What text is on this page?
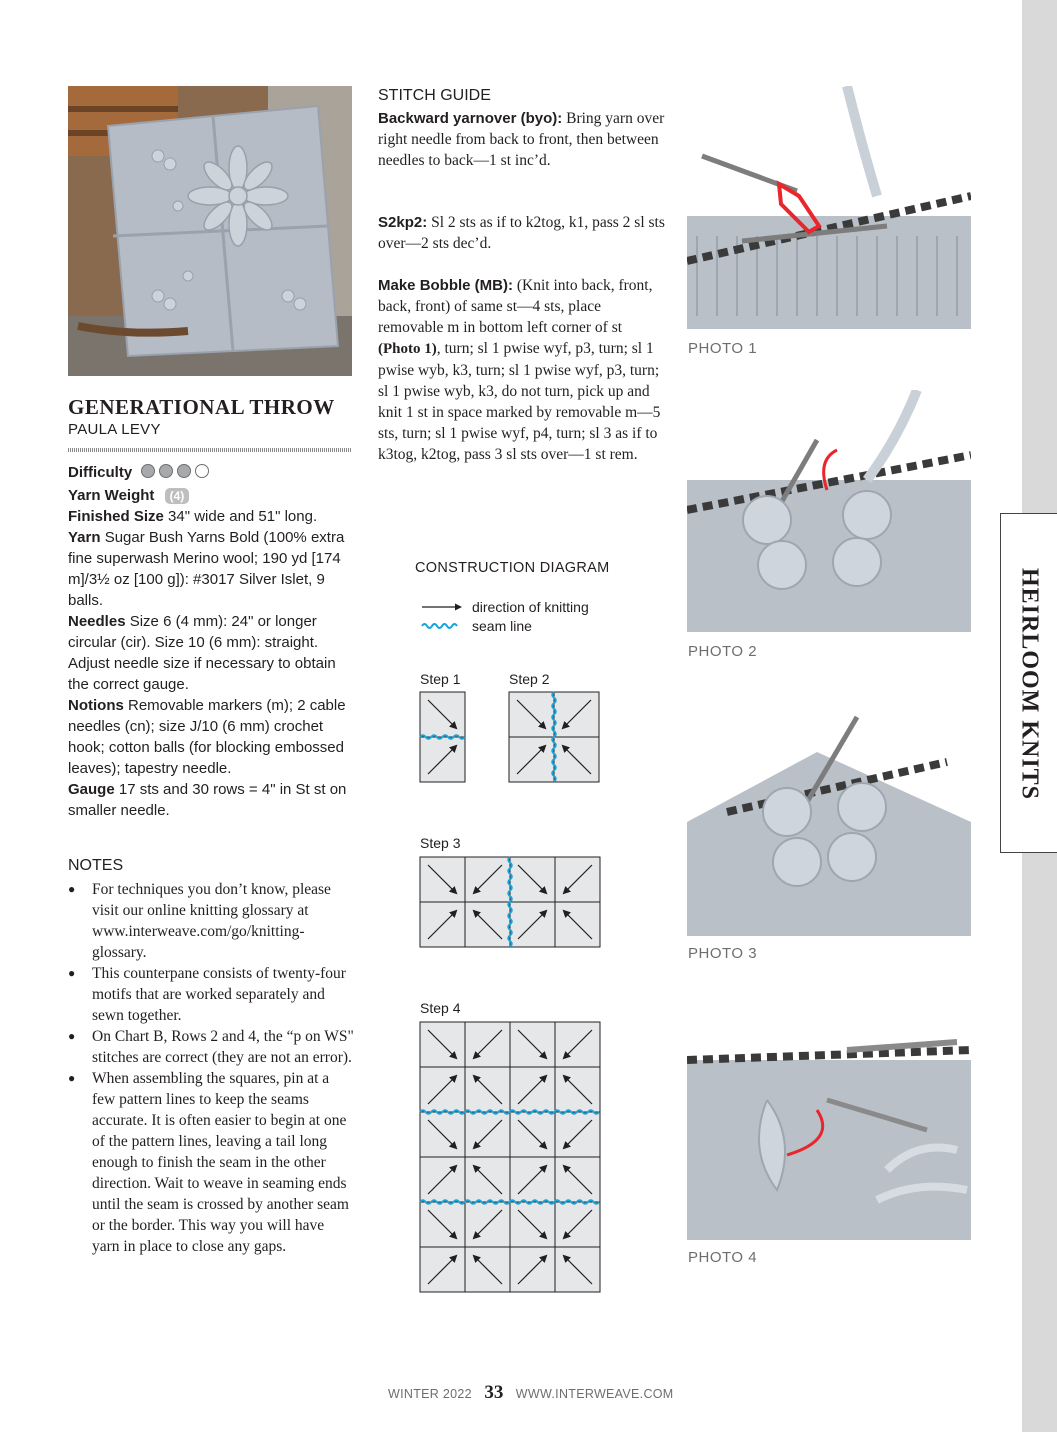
HEIRLOOM KNITS
GENERATIONAL THROW
PAULA LEVY
Difficulty
Yarn Weight (4)
Finished Size 34" wide and 51" long.
Yarn Sugar Bush Yarns Bold (100% extra fine superwash Merino wool; 190 yd [174 m]/3½ oz [100 g]): #3017 Silver Islet, 9 balls.
Needles Size 6 (4 mm): 24" or longer circular (cir). Size 10 (6 mm): straight. Adjust needle size if necessary to obtain the correct gauge.
Notions Removable markers (m); 2 cable needles (cn); size J/10 (6 mm) crochet hook; cotton balls (for blocking embossed leaves); tapestry needle.
Gauge 17 sts and 30 rows = 4" in St st on smaller needle.
NOTES
● For techniques you don’t know, please visit our online knitting glossary at www.interweave.com/go/knitting-glossary.
● This counterpane consists of twenty-four motifs that are worked separately and sewn together.
● On Chart B, Rows 2 and 4, the “p on WS" stitches are correct (they are not an error).
● When assembling the squares, pin at a few pattern lines to keep the seams accurate. It is often easier to begin at one of the pattern lines, leaving a tail long enough to finish the seam in the other direction. Wait to weave in seaming ends until the seam is crossed by another seam or the border. This way you will have yarn in place to close any gaps.
STITCH GUIDE
Backward yarnover (byo): Bring yarn over right needle from back to front, then between needles to back—1 st inc’d.
S2kp2: Sl 2 sts as if to k2tog, k1, pass 2 sl sts over—2 sts dec’d.
Make Bobble (MB): (Knit into back, front, back, front) of same st—4 sts, place removable m in bottom left corner of st (Photo 1), turn; sl 1 pwise wyf, p3, turn; sl 1 pwise wyb, k3, turn; sl 1 pwise wyf, p3, turn; sl 1 pwise wyb, k3, do not turn, pick up and knit 1 st in space marked by removable m—5 sts, turn; sl 1 pwise wyf, p4, turn; sl 3 as if to k3tog, k2tog, pass 3 sl sts over—1 st rem.
CONSTRUCTION DIAGRAM
direction of knitting
seam line
Step 1	Step 2
Step 3
Step 4
PHOTO 1
PHOTO 2
PHOTO 3
PHOTO 4
WINTER 2022 33 WWW.INTERWEAVE.COM
